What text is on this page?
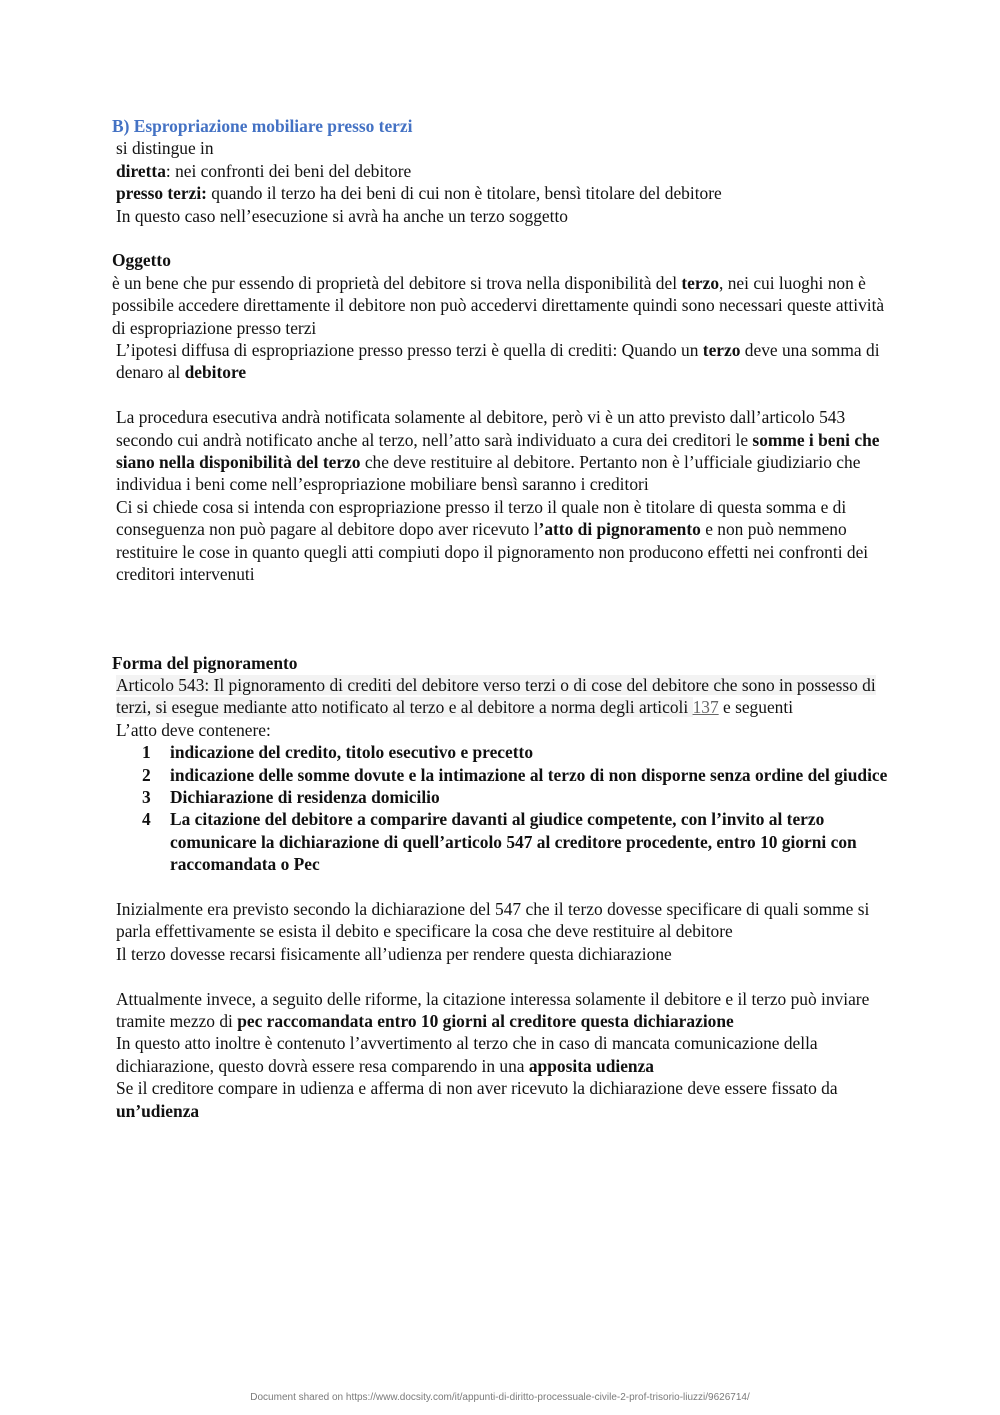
B) Espropriazione mobiliare presso terzi
si distingue in
diretta: nei confronti dei beni del debitore
presso terzi: quando il terzo ha dei beni di cui non è titolare, bensì titolare del debitore
In questo caso nell’esecuzione si avrà ha anche un terzo soggetto
Oggetto
è un bene che pur essendo di proprietà del debitore si trova nella disponibilità del terzo, nei cui luoghi non è possibile accedere direttamente il debitore non può accedervi direttamente quindi sono necessari queste attività di espropriazione presso terzi
L’ipotesi diffusa di espropriazione presso presso terzi è quella di crediti: Quando un terzo deve una somma di denaro al debitore
La procedura esecutiva andrà notificata solamente al debitore, però vi è un atto previsto dall’articolo 543 secondo cui andrà notificato anche al terzo, nell’atto sarà individuato a cura dei creditori le somme i beni che siano nella disponibilità del terzo che deve restituire al debitore. Pertanto non è l’ufficiale giudiziario che individua i beni come nell’espropriazione mobiliare bensì saranno i creditori
Ci si chiede cosa si intenda con espropriazione presso il terzo il quale non è titolare di questa somma e di conseguenza non può pagare al debitore dopo aver ricevuto l’atto di pignoramento e non può nemmeno restituire le cose in quanto quegli atti compiuti dopo il pignoramento non producono effetti nei confronti dei creditori intervenuti
Forma del pignoramento
Articolo 543: Il pignoramento di crediti del debitore verso terzi o di cose del debitore che sono in possesso di terzi, si esegue mediante atto notificato al terzo e al debitore a norma degli articoli 137 e seguenti
L’atto deve contenere:
1	indicazione del credito, titolo esecutivo e precetto
2	indicazione delle somme dovute e la intimazione al terzo di non disporne senza ordine del giudice
3	Dichiarazione di residenza domicilio
4	La citazione del debitore a comparire davanti al giudice competente, con l’invito al terzo comunicare la dichiarazione di quell’articolo 547 al creditore procedente, entro 10 giorni con raccomandata o Pec
Inizialmente era previsto secondo la dichiarazione del 547 che il terzo dovesse specificare di quali somme si parla effettivamente se esista il debito e specificare la cosa che deve restituire al debitore
Il terzo dovesse recarsi fisicamente all’udienza per rendere questa dichiarazione
Attualmente invece, a seguito delle riforme, la citazione interessa solamente il debitore e il terzo può inviare tramite mezzo di pec raccomandata entro 10 giorni al creditore questa dichiarazione
In questo atto inoltre è contenuto l’avvertimento al terzo che in caso di mancata comunicazione della dichiarazione, questo dovrà essere resa comparendo in una apposita udienza
Se il creditore compare in udienza e afferma di non aver ricevuto la dichiarazione deve essere fissato da un’udienza
Document shared on https://www.docsity.com/it/appunti-di-diritto-processuale-civile-2-prof-trisorio-liuzzi/9626714/
